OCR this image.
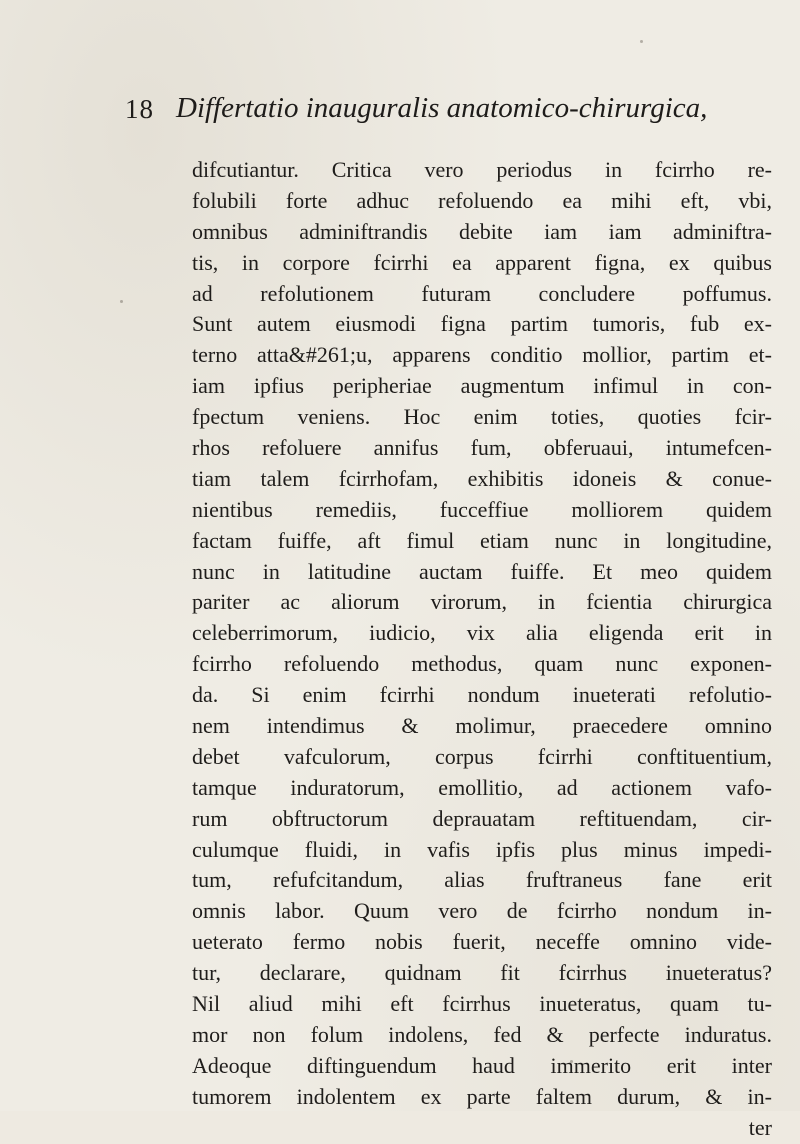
18 Differtatio inauguralis anatomico-chirurgica,
difcutiantur. Critica vero periodus in fcirrho re-
folubili forte adhuc refoluendo ea mihi eft, vbi,
omnibus adminiftrandis debite iam iam adminiftra-
tis, in corpore fcirrhi ea apparent figna, ex quibus
ad refolutionem futuram concludere poffumus.
Sunt autem eiusmodi figna partim tumoris, fub ex-
terno atta&#261;u, apparens conditio mollior, partim et-
iam ipfius peripheriae augmentum infimul in con-
fpectum veniens. Hoc enim toties, quoties fcir-
rhos refoluere annifus fum, obferuaui, intumefcen-
tiam talem fcirrhofam, exhibitis idoneis & conue-
nientibus remediis, fucceffiue molliorem quidem
factam fuiffe, aft fimul etiam nunc in longitudine,
nunc in latitudine auctam fuiffe. Et meo quidem
pariter ac aliorum virorum, in fcientia chirurgica
celeberrimorum, iudicio, vix alia eligenda erit in
fcirrho refoluendo methodus, quam nunc exponen-
da. Si enim fcirrhi nondum inueterati refolutio-
nem intendimus & molimur, praecedere omnino
debet vafculorum, corpus fcirrhi conftituentium,
tamque induratorum, emollitio, ad actionem vafo-
rum obftructorum deprauatam reftituendam, cir-
culumque fluidi, in vafis ipfis plus minus impedi-
tum, refufcitandum, alias fruftraneus fane erit
omnis labor. Quum vero de fcirrho nondum in-
ueterato fermo nobis fuerit, neceffe omnino vide-
tur, declarare, quidnam fit fcirrhus inueteratus?
Nil aliud mihi eft fcirrhus inueteratus, quam tu-
mor non folum indolens, fed & perfecte induratus.
Adeoque diftinguendum haud immerito erit inter
tumorem indolentem ex parte faltem durum, & in-
ter
